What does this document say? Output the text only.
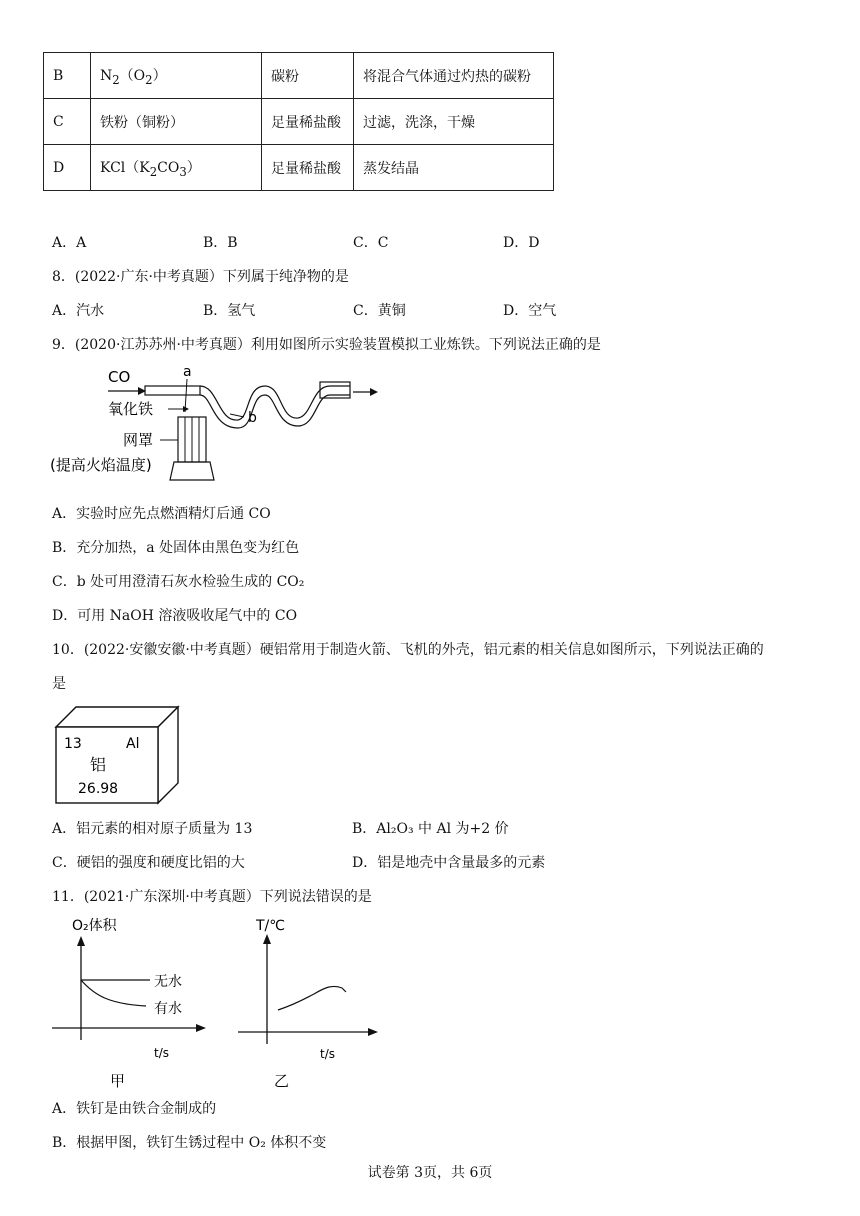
B	$N_2(O_2)$	碳粉	将混合气体通过灼热的碳粉
C	铁粉（铜粉）	足量稀盐酸	过滤，洗涤，干燥
D	$KCl(K_2CO_3)$	足量稀盐酸	蒸发结晶
A．A	B．B	C．C	D．D
8．(2022·广东·中考真题）下列属于纯净物的是
A．汽水	B．氢气	C．黄铜	D．空气
9．(2020·江苏苏州·中考真题）利用如图所示实验装置模拟工业炼铁。下列说法正确的是
CO	a
b
氧化铁
网罩
(提高火焰温度)
A．实验时应先点燃酒精灯后通 CO
B．充分加热，a 处固体由黑色变为红色
C．b 处可用澄清石灰水检验生成的 CO₂
D．可用 NaOH 溶液吸收尾气中的 CO
10．(2022·安徽安徽·中考真题）硬铝常用于制造火箭、飞机的外壳，铝元素的相关信息如图所示，下列说法正确的
是
13	Al
铝
26.98
A．铝元素的相对原子质量为 13	B．Al₂O₃ 中 Al 为+2 价
C．硬铝的强度和硬度比铝的大	D．铝是地壳中含量最多的元素
11．(2021·广东深圳·中考真题）下列说法错误的是
O₂体积
无水
有水
t/s
甲
T/℃
t/s
乙
A．铁钉是由铁合金制成的
B．根据甲图，铁钉生锈过程中 O₂ 体积不变
试卷第 3页，共 6页
